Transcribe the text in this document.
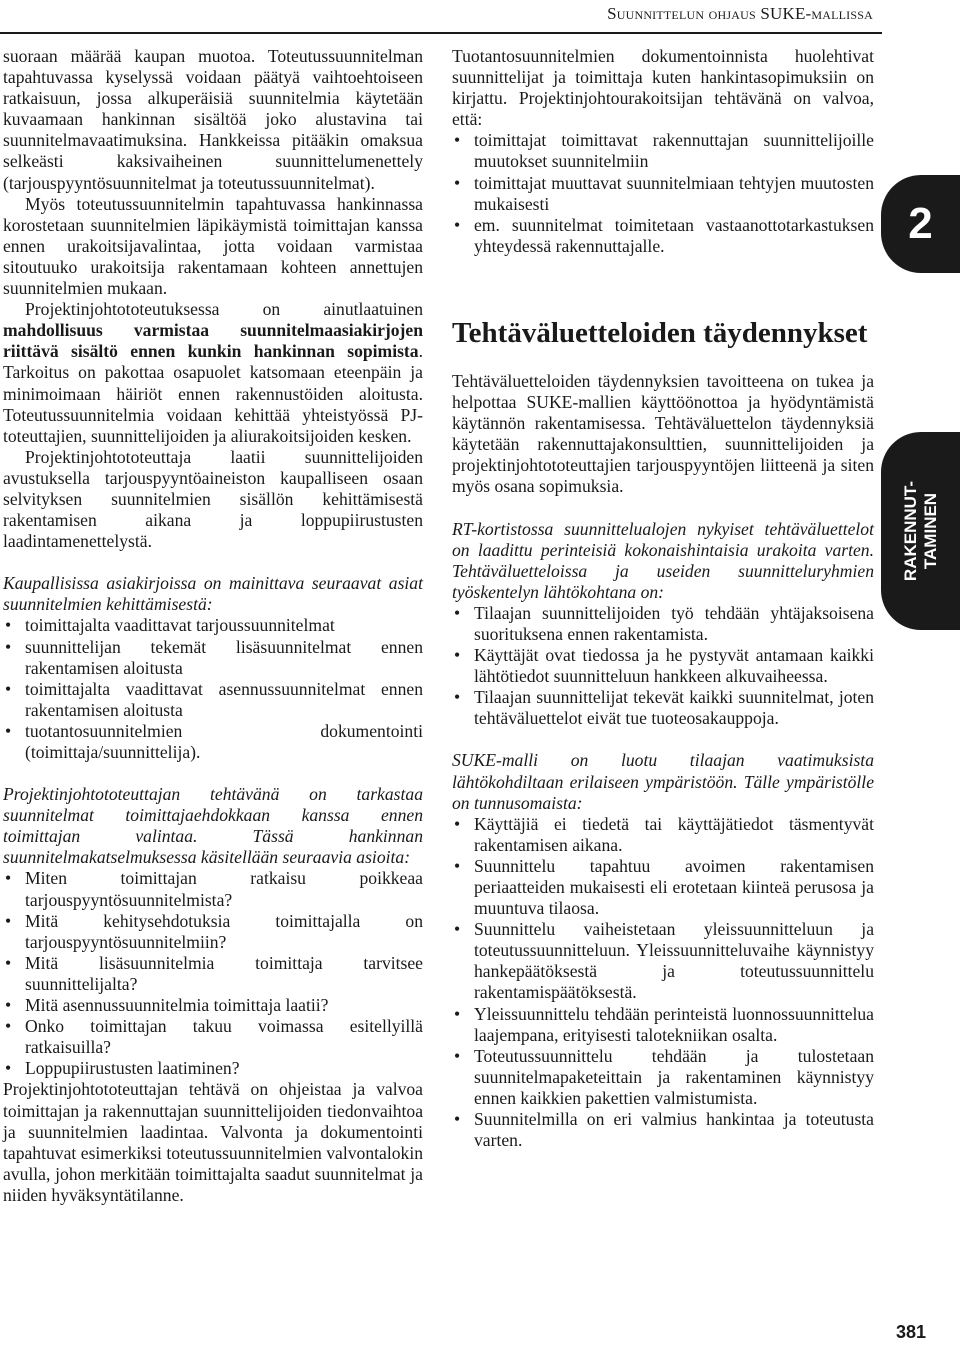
Suunnittelun ohjaus SUKE-mallissa
2
RAKENNUT- TAMINEN

suoraan määrää kaupan muotoa. Toteutussuunnitelman tapahtuvassa kyselyssä voidaan päätyä vaihtoehtoiseen ratkaisuun, jossa alkuperäisiä suunnitelmia käytetään kuvaamaan hankinnan sisältöä joko alustavina tai suunnitelmavaatimuksina. Hankkeissa pitääkin omaksua selkeästi kaksivaiheinen suunnittelumenettely (tarjouspyyntösuunnitelmat ja toteutussuunnitelmat).

Myös toteutussuunnitelmin tapahtuvassa hankinnassa korostetaan suunnitelmien läpikäymistä toimittajan kanssa ennen urakoitsijavalintaa, jotta voidaan varmistaa sitoutuuko urakoitsija rakentamaan kohteen annettujen suunnitelmien mukaan.

Projektinjohtototeutuksessa on ainutlaatuinen mahdollisuus varmistaa suunnitelmaasiakirjojen riittävä sisältö ennen kunkin hankinnan sopimista. Tarkoitus on pakottaa osapuolet katsomaan eteenpäin ja minimoimaan häiriöt ennen rakennustöiden aloitusta. Toteutussuunnitelmia voidaan kehittää yhteistyössä PJ-toteuttajien, suunnittelijoiden ja aliurakoitsijoiden kesken.

Projektinjohtototeuttaja laatii suunnittelijoiden avustuksella tarjouspyyntöaineiston kaupalliseen osaan selvityksen suunnitelmien sisällön kehittämisestä rakentamisen aikana ja loppupiirustusten laadintamenettelystä.

Kaupallisissa asiakirjoissa on mainittava seuraavat asiat suunnitelmien kehittämisestä:

• toimittajalta vaadittavat tarjoussuunnitelmat
• suunnittelijan tekemät lisäsuunnitelmat ennen rakentamisen aloitusta
• toimittajalta vaadittavat asennussuunnitelmat ennen rakentamisen aloitusta
• tuotantosuunnitelmien dokumentointi (toimittaja/suunnittelija).

Projektinjohtototeuttajan tehtävänä on tarkastaa suunnitelmat toimittajaehdokkaan kanssa ennen toimittajan valintaa. Tässä hankinnan suunnitelmakatselmuksessa käsitellään seuraavia asioita:

• Miten toimittajan ratkaisu poikkeaa tarjouspyyntösuunnitelmista?
• Mitä kehitysehdotuksia toimittajalla on tarjouspyyntösuunnitelmiin?
• Mitä lisäsuunnitelmia toimittaja tarvitsee suunnittelijalta?
• Mitä asennussuunnitelmia toimittaja laatii?
• Onko toimittajan takuu voimassa esitellyillä ratkaisuilla?
• Loppupiirustusten laatiminen?

Projektinjohtototeuttajan tehtävä on ohjeistaa ja valvoa toimittajan ja rakennuttajan suunnittelijoiden tiedonvaihtoa ja suunnitelmien laadintaa. Valvonta ja dokumentointi tapahtuvat esimerkiksi toteutussuunnitelmien valvontalokin avulla, johon merkitään toimittajalta saadut suunnitelmat ja niiden hyväksyntätilanne.

Tuotantosuunnitelmien dokumentoinnista huolehtivat suunnittelijat ja toimittaja kuten hankintasopimuksiin on kirjattu. Projektinjohtourakoitsijan tehtävänä on valvoa, että:

• toimittajat toimittavat rakennuttajan suunnittelijoille muutokset suunnitelmiin
• toimittajat muuttavat suunnitelmiaan tehtyjen muutosten mukaisesti
• em. suunnitelmat toimitetaan vastaanottotarkastuksen yhteydessä rakennuttajalle.
Tehtäväluetteloiden täydennykset

Tehtäväluetteloiden täydennyksien tavoitteena on tukea ja helpottaa SUKE-mallien käyttöönottoa ja hyödyntämistä käytännön rakentamisessa. Tehtäväluettelon täydennyksiä käytetään rakennuttajakonsulttien, suunnittelijoiden ja projektinjohtototeuttajien tarjouspyyntöjen liitteenä ja siten myös osana sopimuksia.

RT-kortistossa suunnittelualojen nykyiset tehtäväluettelot on laadittu perinteisiä kokonaishintaisia urakoita varten. Tehtäväluetteloissa ja useiden suunnitteluryhmien työskentelyn lähtökohtana on:

• Tilaajan suunnittelijoiden työ tehdään yhtäjaksoisena suorituksena ennen rakentamista.
• Käyttäjät ovat tiedossa ja he pystyvät antamaan kaikki lähtötiedot suunnitteluun hankkeen alkuvaiheessa.
• Tilaajan suunnittelijat tekevät kaikki suunnitelmat, joten tehtäväluettelot eivät tue tuoteosakauppoja.

SUKE-malli on luotu tilaajan vaatimuksista lähtökohdiltaan erilaiseen ympäristöön. Tälle ympäristölle on tunnusomaista:

• Käyttäjiä ei tiedetä tai käyttäjätiedot täsmentyvät rakentamisen aikana.
• Suunnittelu tapahtuu avoimen rakentamisen periaatteiden mukaisesti eli erotetaan kiinteä perusosa ja muuntuva tilaosa.
• Suunnittelu vaiheistetaan yleissuunnitteluun ja toteutussuunnitteluun. Yleissuunnitteluvaihe käynnistyy hankepäätöksestä ja toteutussuunnittelu rakentamispäätöksestä.
• Yleissuunnittelu tehdään perinteistä luonnossuunnittelua laajempana, erityisesti talotekniikan osalta.
• Toteutussuunnittelu tehdään ja tulostetaan suunnitelmapaketeittain ja rakentaminen käynnistyy ennen kaikkien pakettien valmistumista.
• Suunnitelmilla on eri valmius hankintaa ja toteutusta varten.
381
